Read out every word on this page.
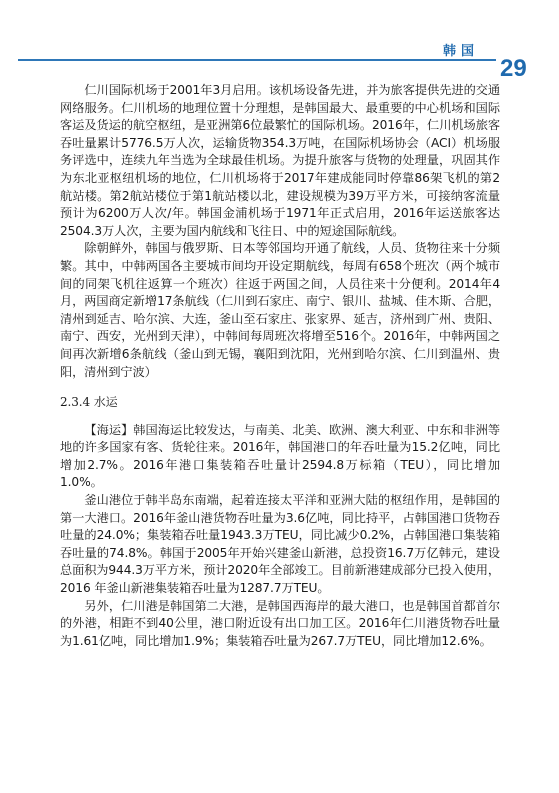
韩国
29

仁川国际机场于2001年3月启用。该机场设备先进，并为旅客提供先进的交通网络服务。仁川机场的地理位置十分理想，是韩国最大、最重要的中心机场和国际客运及货运的航空枢纽，是亚洲第6位最繁忙的国际机场。2016年，仁川机场旅客吞吐量累计5776.5万人次，运输货物354.3万吨，在国际机场协会（ACI）机场服务评选中，连续九年当选为全球最佳机场。为提升旅客与货物的处理量，巩固其作为东北亚枢纽机场的地位，仁川机场将于2017年建成能同时停靠86架飞机的第2航站楼。第2航站楼位于第1航站楼以北，建设规模为39万平方米，可接纳客流量预计为6200万人次/年。韩国金浦机场于1971年正式启用，2016年运送旅客达2504.3万人次，主要为国内航线和飞往日、中的短途国际航线。

除朝鲜外，韩国与俄罗斯、日本等邻国均开通了航线，人员、货物往来十分频繁。其中，中韩两国各主要城市间均开设定期航线，每周有658个班次（两个城市间的同架飞机往返算一个班次）往返于两国之间，人员往来十分便利。2014年4月，两国商定新增17条航线（仁川到石家庄、南宁、银川、盐城、佳木斯、合肥，清州到延吉、哈尔滨、大连，釜山至石家庄、张家界、延吉，济州到广州、贵阳、南宁、西安，光州到天津），中韩间每周班次将增至516个。2016年，中韩两国之间再次新增6条航线（釜山到无锡，襄阳到沈阳，光州到哈尔滨、仁川到温州、贵阳，清州到宁波）

2.3.4 水运

【海运】韩国海运比较发达，与南美、北美、欧洲、澳大利亚、中东和非洲等地的许多国家有客、货轮往来。2016年，韩国港口的年吞吐量为15.2亿吨，同比增加2.7%。2016年港口集装箱吞吐量计2594.8万标箱（TEU），同比增加1.0%。

釜山港位于韩半岛东南端，起着连接太平洋和亚洲大陆的枢纽作用，是韩国的第一大港口。2016年釜山港货物吞吐量为3.6亿吨，同比持平，占韩国港口货物吞吐量的24.0%；集装箱吞吐量1943.3万TEU，同比减少0.2%，占韩国港口集装箱吞吐量的74.8%。韩国于2005年开始兴建釜山新港，总投资16.7万亿韩元，建设总面积为944.3万平方米，预计2020年全部竣工。目前新港建成部分已投入使用，2016 年釜山新港集装箱吞吐量为1287.7万TEU。

另外，仁川港是韩国第二大港，是韩国西海岸的最大港口，也是韩国首都首尔的外港，相距不到40公里，港口附近设有出口加工区。2016年仁川港货物吞吐量为1.61亿吨，同比增加1.9%；集装箱吞吐量为267.7万TEU，同比增加12.6%。
